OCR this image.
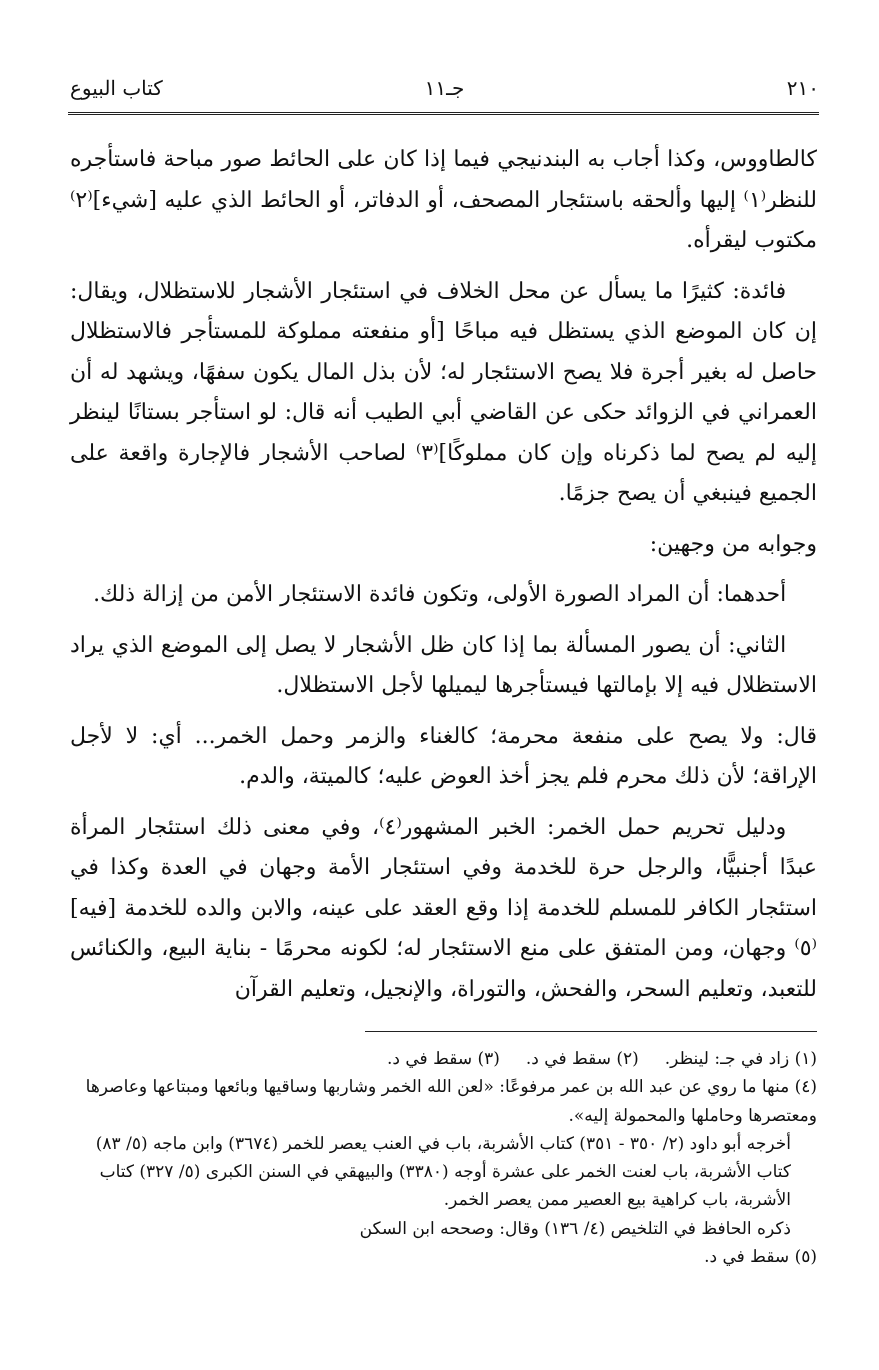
٢١٠
جـ١١
كتاب البيوع

كالطاووس، وكذا أجاب به البندنيجي فيما إذا كان على الحائط صور مباحة فاستأجره للنظر⁽١⁾ إليها وألحقه باستئجار المصحف، أو الدفاتر، أو الحائط الذي عليه [شيء]⁽٢⁾ مكتوب ليقرأه.

فائدة: كثيرًا ما يسأل عن محل الخلاف في استئجار الأشجار للاستظلال، ويقال: إن كان الموضع الذي يستظل فيه مباحًا [أو منفعته مملوكة للمستأجر فالاستظلال حاصل له بغير أجرة فلا يصح الاستئجار له؛ لأن بذل المال يكون سفهًا، ويشهد له أن العمراني في الزوائد حكى عن القاضي أبي الطيب أنه قال: لو استأجر بستانًا لينظر إليه لم يصح لما ذكرناه وإن كان مملوكًا]⁽٣⁾ لصاحب الأشجار فالإجارة واقعة على الجميع فينبغي أن يصح جزمًا.

وجوابه من وجهين:

أحدهما: أن المراد الصورة الأولى، وتكون فائدة الاستئجار الأمن من إزالة ذلك.

الثاني: أن يصور المسألة بما إذا كان ظل الأشجار لا يصل إلى الموضع الذي يراد الاستظلال فيه إلا بإمالتها فيستأجرها ليميلها لأجل الاستظلال.

قال: ولا يصح على منفعة محرمة؛ كالغناء والزمر وحمل الخمر... أي: لا لأجل الإراقة؛ لأن ذلك محرم فلم يجز أخذ العوض عليه؛ كالميتة، والدم.

ودليل تحريم حمل الخمر: الخبر المشهور⁽٤⁾، وفي معنى ذلك استئجار المرأة عبدًا أجنبيًّا، والرجل حرة للخدمة وفي استئجار الأمة وجهان في العدة وكذا في استئجار الكافر للمسلم للخدمة إذا وقع العقد على عينه، والابن والده للخدمة [فيه]⁽٥⁾ وجهان، ومن المتفق على منع الاستئجار له؛ لكونه محرمًا - بناية البيع، والكنائس للتعبد، وتعليم السحر، والفحش، والتوراة، والإنجيل، وتعليم القرآن

(١) زاد في جـ: لينظر.
(٢) سقط في د.
(٣) سقط في د.

(٤) منها ما روي عن عبد الله بن عمر مرفوعًا: «لعن الله الخمر وشاربها وساقيها وبائعها ومبتاعها وعاصرها ومعتصرها وحاملها والمحمولة إليه».

أخرجه أبو داود (٢/ ٣٥٠ - ٣٥١) كتاب الأشربة، باب في العنب يعصر للخمر (٣٦٧٤) وابن ماجه (٥/ ٨٣) كتاب الأشربة، باب لعنت الخمر على عشرة أوجه (٣٣٨٠) والبيهقي في السنن الكبرى (٥/ ٣٢٧) كتاب الأشربة، باب كراهية بيع العصير ممن يعصر الخمر.

ذكره الحافظ في التلخيص (٤/ ١٣٦) وقال: وصححه ابن السكن

(٥) سقط في د.
